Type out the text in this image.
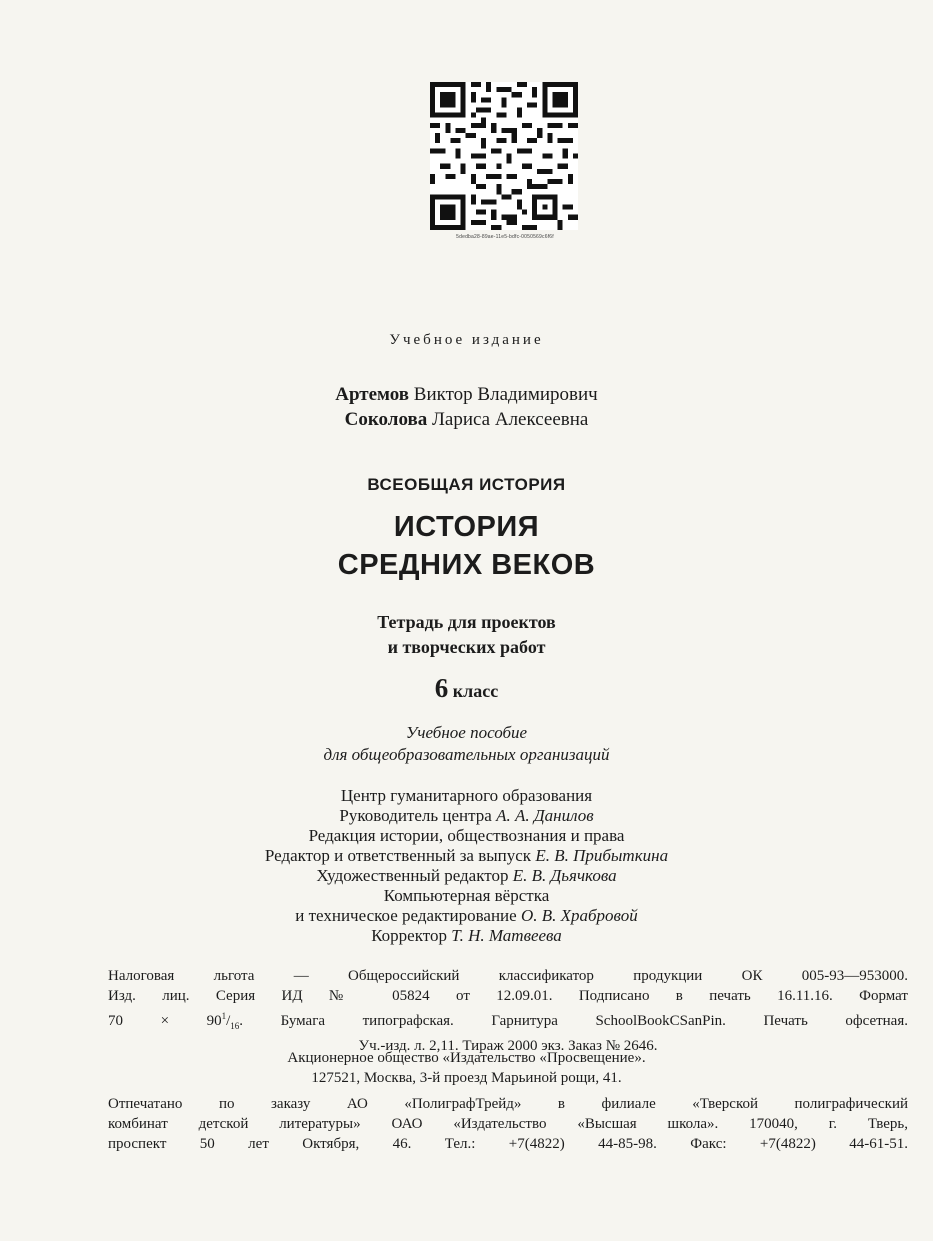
5dedba28-89ae-11e5-bdfc-0050569c6f6f
Учебное издание
Артемов Виктор Владимирович
Соколова Лариса Алексеевна
ВСЕОБЩАЯ ИСТОРИЯ
ИСТОРИЯ
СРЕДНИХ ВЕКОВ
Тетрадь для проектов
и творческих работ
6 класс
Учебное пособие
для общеобразовательных организаций
Центр гуманитарного образования
Руководитель центра А. А. Данилов
Редакция истории, обществознания и права
Редактор и ответственный за выпуск Е. В. Прибыткина
Художественный редактор Е. В. Дьячкова
Компьютерная вёрстка
и техническое редактирование О. В. Храбровой
Корректор Т. Н. Матвеева
Налоговая льгота — Общероссийский классификатор продукции ОК 005-93—953000.
Изд. лиц. Серия ИД № 05824 от 12.09.01. Подписано в печать 16.11.16. Формат
$70 \times 90^1/_{16}$. Бумага типографская. Гарнитура SchoolBookCSanPin. Печать офсетная.
Уч.-изд. л. 2,11. Тираж 2000 экз. Заказ № 2646.
Акционерное общество «Издательство «Просвещение».
127521, Москва, 3-й проезд Марьиной рощи, 41.
Отпечатано по заказу АО «ПолиграфТрейд» в филиале «Тверской полиграфический
комбинат детской литературы» ОАО «Издательство «Высшая школа». 170040, г. Тверь,
проспект 50 лет Октября, 46. Тел.: +7(4822) 44-85-98. Факс: +7(4822) 44-61-51.
